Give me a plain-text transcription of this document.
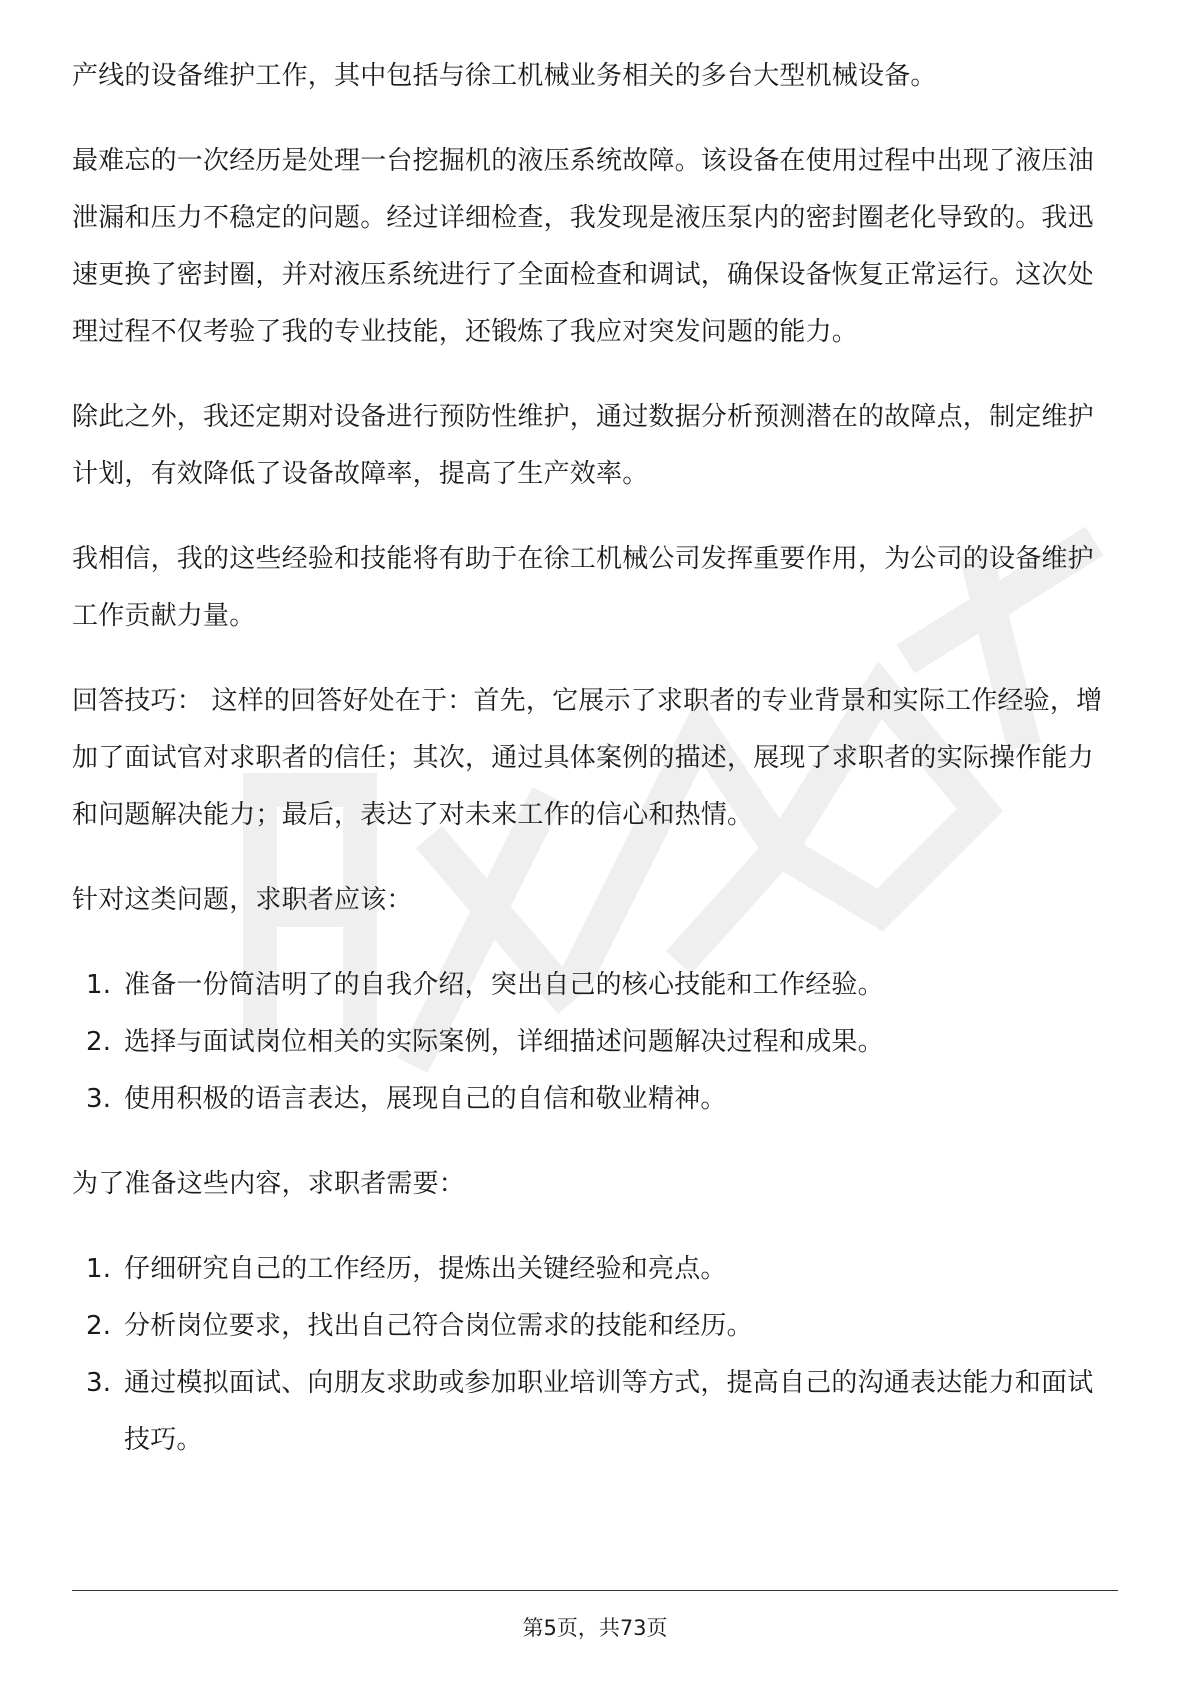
产线的设备维护工作，其中包括与徐工机械业务相关的多台大型机械设备。

最难忘的一次经历是处理一台挖掘机的液压系统故障。该设备在使用过程中出现了液压油泄漏和压力不稳定的问题。经过详细检查，我发现是液压泵内的密封圈老化导致的。我迅速更换了密封圈，并对液压系统进行了全面检查和调试，确保设备恢复正常运行。这次处理过程不仅考验了我的专业技能，还锻炼了我应对突发问题的能力。

除此之外，我还定期对设备进行预防性维护，通过数据分析预测潜在的故障点，制定维护计划，有效降低了设备故障率，提高了生产效率。

我相信，我的这些经验和技能将有助于在徐工机械公司发挥重要作用，为公司的设备维护工作贡献力量。

回答技巧： 这样的回答好处在于：首先，它展示了求职者的专业背景和实际工作经验，增加了面试官对求职者的信任；其次，通过具体案例的描述，展现了求职者的实际操作能力和问题解决能力；最后，表达了对未来工作的信心和热情。

针对这类问题，求职者应该：

1. 准备一份简洁明了的自我介绍，突出自己的核心技能和工作经验。
2. 选择与面试岗位相关的实际案例，详细描述问题解决过程和成果。
3. 使用积极的语言表达，展现自己的自信和敬业精神。

为了准备这些内容，求职者需要：

1. 仔细研究自己的工作经历，提炼出关键经验和亮点。
2. 分析岗位要求，找出自己符合岗位需求的技能和经历。
3. 通过模拟面试、向朋友求助或参加职业培训等方式，提高自己的沟通表达能力和面试技巧。
第5页，共73页
